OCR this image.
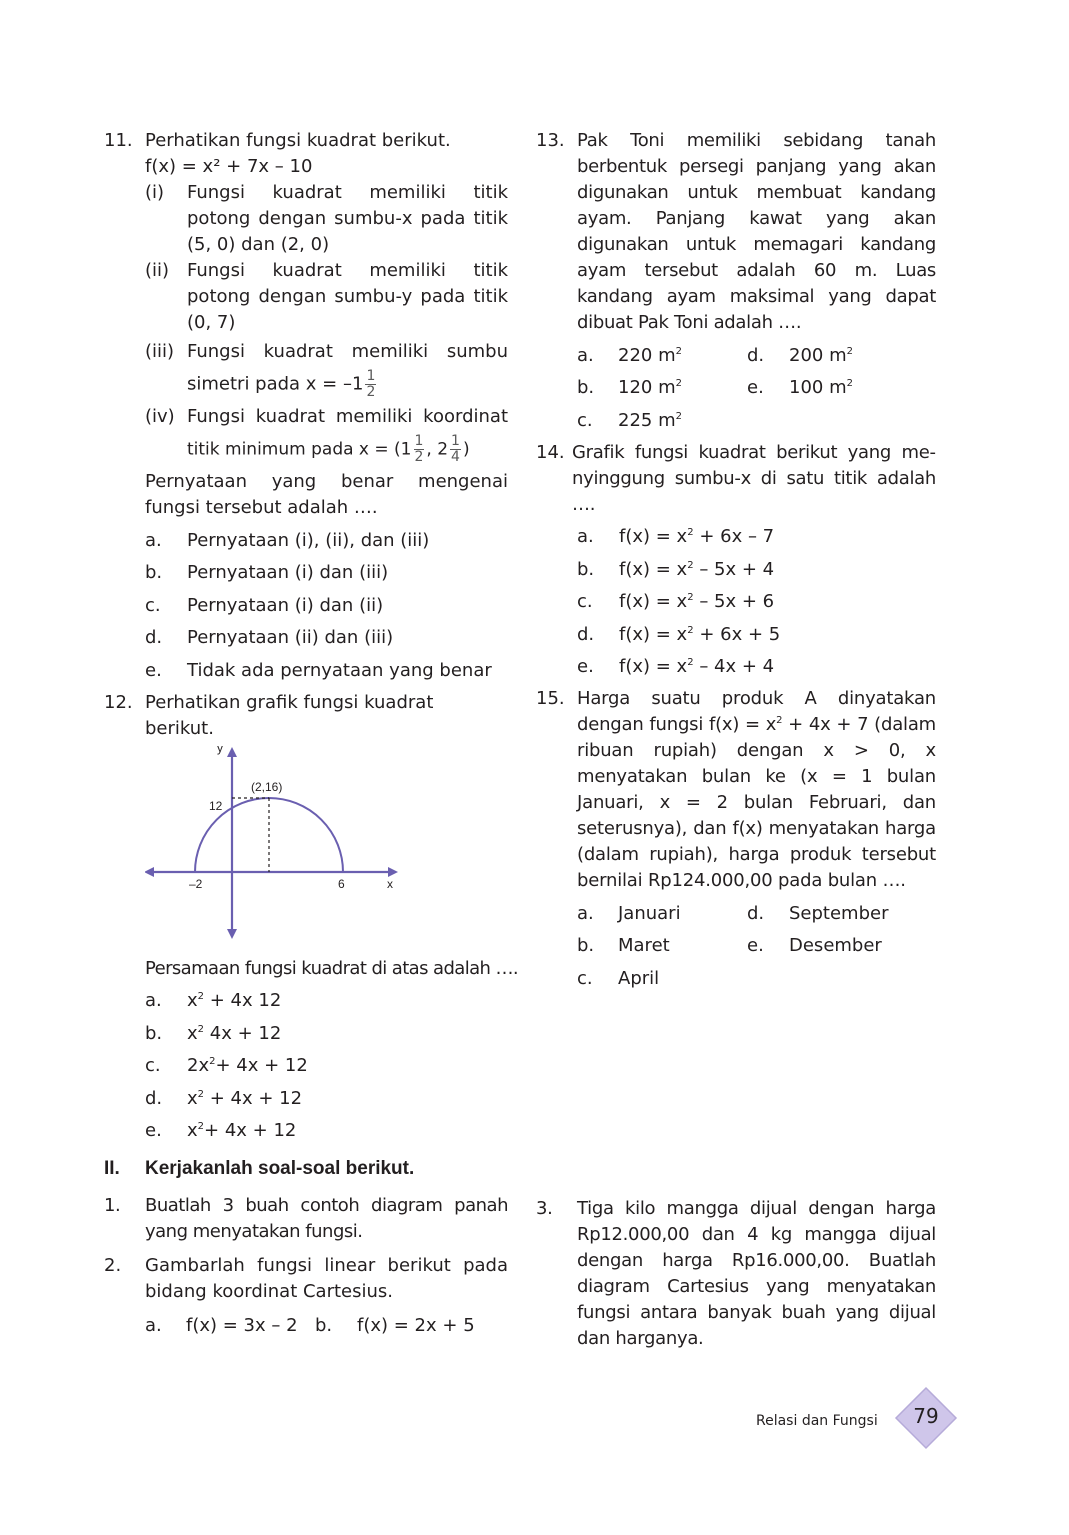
11. Perhatikan fungsi kuadrat berikut.
f(x) = x² + 7x – 10
(i) Fungsi kuadrat memiliki titik potong dengan sumbu-x pada titik (5, 0) dan (2, 0)
(ii) Fungsi kuadrat memiliki titik potong dengan sumbu-y pada titik (0, 7)
(iii) Fungsi kuadrat memiliki sumbu
simetri pada $x = -1 \frac{1}{2}$
(iv) Fungsi kuadrat memiliki koordinat
titik minimum pada $x = (1 \frac{1}{2}$ , $2 \frac{1}{4}$ )
Pernyataan yang benar mengenai fungsi tersebut adalah ….
a. Pernyataan (i), (ii), dan (iii)
b. Pernyataan (i) dan (iii)
c. Pernyataan (i) dan (ii)
d. Pernyataan (ii) dan (iii)
e. Tidak ada pernyataan yang benar
12. Perhatikan grafik fungsi kuadrat berikut.
y
x
(2,16)
12
–2	6
Persamaan fungsi kuadrat di atas adalah ….
a. $x^2 + 4x$ 12
b. $x^2$ 4x + 12
c. $2x^2+ 4x + 12$
d. $x^2 + 4x + 12$
e. $x^2+ 4x + 12$
13. Pak Toni memiliki sebidang tanah berbentuk persegi panjang yang akan digunakan untuk membuat kandang ayam. Panjang kawat yang akan digunakan untuk memagari kandang ayam tersebut adalah 60 m. Luas kandang ayam maksimal yang dapat dibuat Pak Toni adalah ….
a. 220 $m^2$	d. 200 $m^2$
b. 120 $m^2$	e. 100 $m^2$
c. 225 $m^2$
14. Grafik fungsi kuadrat berikut yang menyinggung sumbu-x di satu titik adalah ….
a. $f(x) = x^2 + 6x - 7$
b. $f(x) = x^2 - 5x + 4$
c. $f(x) = x^2 - 5x + 6$
d. $f(x) = x^2 + 6x + 5$
e. $f(x) = x^2 - 4x + 4$
15. Harga suatu produk A dinyatakan dengan fungsi $f(x) = x^2 + 4x + 7$ (dalam ribuan rupiah) dengan x > 0, x menyatakan bulan ke (x = 1 bulan Januari, x = 2 bulan Februari, dan seterusnya), dan f(x) menyatakan harga (dalam rupiah), harga produk tersebut bernilai Rp124.000,00 pada bulan ….
a. Januari	d. September
b. Maret	e. Desember
c. April
II. Kerjakanlah soal-soal berikut.
1. Buatlah 3 buah contoh diagram panah yang menyatakan fungsi.
2. Gambarlah fungsi linear berikut pada bidang koordinat Cartesius.
a. f(x) = 3x – 2 b. f(x) = 2x + 5
3. Tiga kilo mangga dijual dengan harga Rp12.000,00 dan 4 kg mangga dijual dengan harga Rp16.000,00. Buatlah diagram Cartesius yang menyatakan fungsi antara banyak buah yang dijual dan harganya.
Relasi dan Fungsi	79
